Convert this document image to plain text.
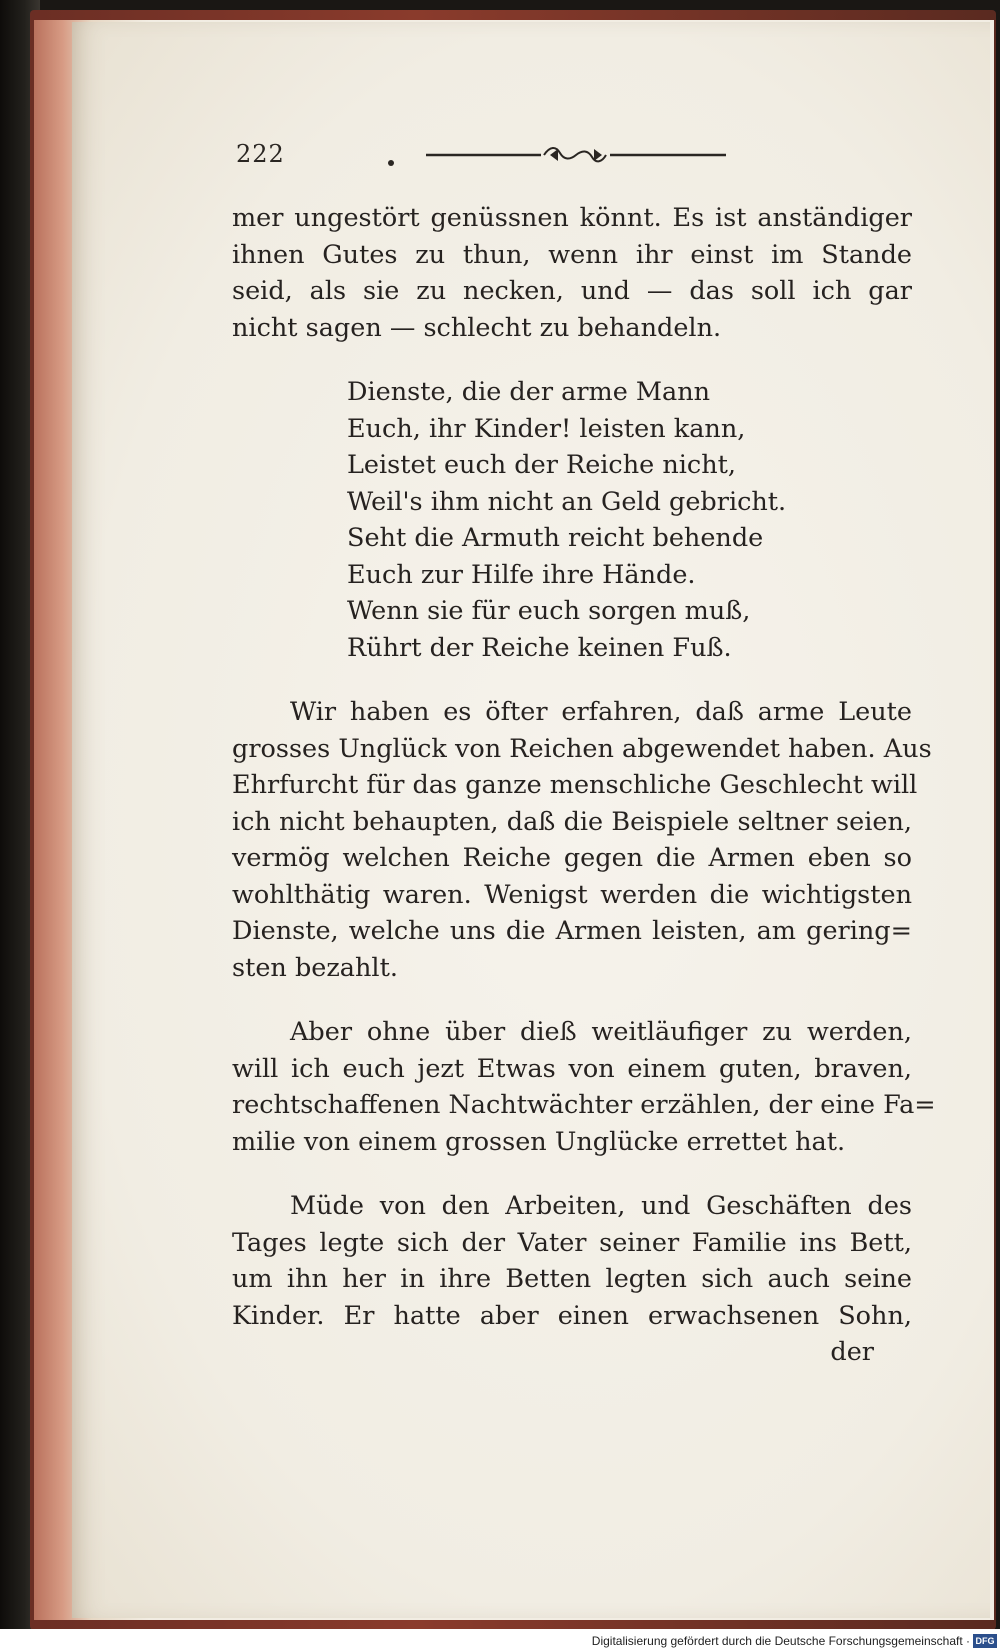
222
mer ungestört genüssnen könnt. Es ist anständiger
ihnen Gutes zu thun, wenn ihr einst im Stande
seid, als sie zu necken, und — das soll ich gar
nicht sagen — schlecht zu behandeln.
Dienste, die der arme Mann
Euch, ihr Kinder! leisten kann,
Leistet euch der Reiche nicht,
Weil's ihm nicht an Geld gebricht.
Seht die Armuth reicht behende
Euch zur Hilfe ihre Hände.
Wenn sie für euch sorgen muß,
Rührt der Reiche keinen Fuß.
Wir haben es öfter erfahren, daß arme Leute
grosses Unglück von Reichen abgewendet haben. Aus
Ehrfurcht für das ganze menschliche Geschlecht will
ich nicht behaupten, daß die Beispiele seltner seien,
vermög welchen Reiche gegen die Armen eben so
wohlthätig waren. Wenigst werden die wichtigsten
Dienste, welche uns die Armen leisten, am gering=
sten bezahlt.
Aber ohne über dieß weitläufiger zu werden,
will ich euch jezt Etwas von einem guten, braven,
rechtschaffenen Nachtwächter erzählen, der eine Fa=
milie von einem grossen Unglücke errettet hat.
Müde von den Arbeiten, und Geschäften des
Tages legte sich der Vater seiner Familie ins Bett,
um ihn her in ihre Betten legten sich auch seine
Kinder. Er hatte aber einen erwachsenen Sohn,
der
Digitalisierung gefördert durch die Deutsche Forschungsgemeinschaft · DFG
